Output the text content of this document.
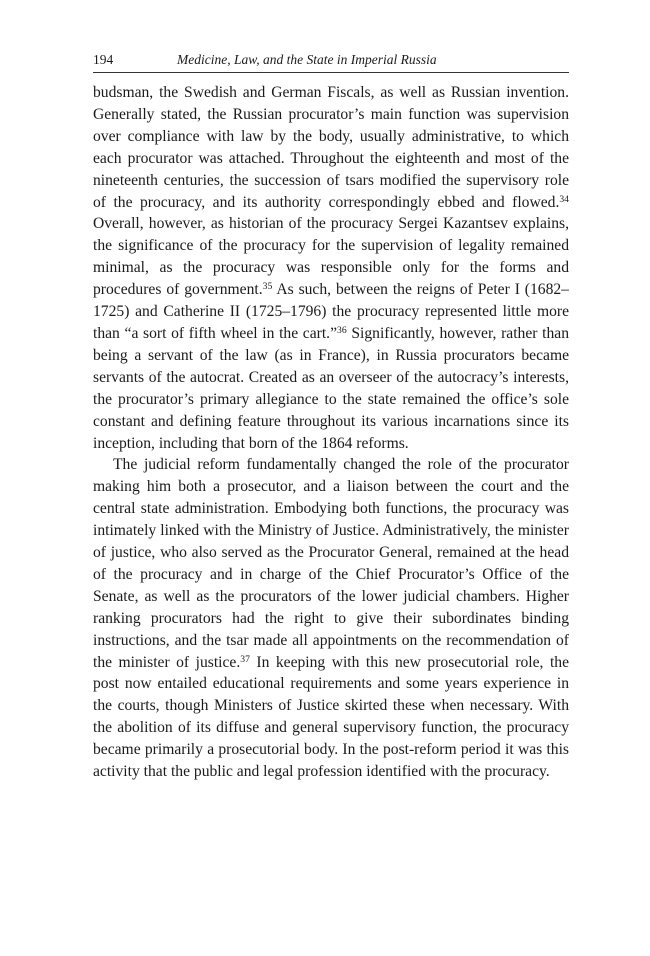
194	Medicine, Law, and the State in Imperial Russia

budsman, the Swedish and German Fiscals, as well as Russian invention. Generally stated, the Russian procurator’s main function was supervision over compliance with law by the body, usually administrative, to which each procurator was attached. Throughout the eighteenth and most of the nineteenth centuries, the succession of tsars modified the supervisory role of the procuracy, and its authority correspondingly ebbed and flowed.$^{34}$ Overall, however, as historian of the procuracy Sergei Kazantsev explains, the significance of the procuracy for the supervision of legality remained minimal, as the procuracy was responsible only for the forms and procedures of government.$^{35}$ As such, between the reigns of Peter I (1682–1725) and Catherine II (1725–1796) the procuracy represented little more than “a sort of fifth wheel in the cart.”$^{36}$ Significantly, however, rather than being a servant of the law (as in France), in Russia procurators became servants of the autocrat. Created as an overseer of the autocracy’s interests, the procurator’s primary allegiance to the state remained the office’s sole constant and defining feature throughout its various incarnations since its inception, including that born of the 1864 reforms.

The judicial reform fundamentally changed the role of the procurator making him both a prosecutor, and a liaison between the court and the central state administration. Embodying both functions, the procuracy was intimately linked with the Ministry of Justice. Administratively, the minister of justice, who also served as the Procurator General, remained at the head of the procuracy and in charge of the Chief Procurator’s Office of the Senate, as well as the procurators of the lower judicial chambers. Higher ranking procurators had the right to give their subordinates binding instructions, and the tsar made all appointments on the recommendation of the minister of justice.$^{37}$ In keeping with this new prosecutorial role, the post now entailed educational requirements and some years experience in the courts, though Ministers of Justice skirted these when necessary. With the abolition of its diffuse and general supervisory function, the procuracy became primarily a prosecutorial body. In the post-reform period it was this activity that the public and legal profession identified with the procuracy.
